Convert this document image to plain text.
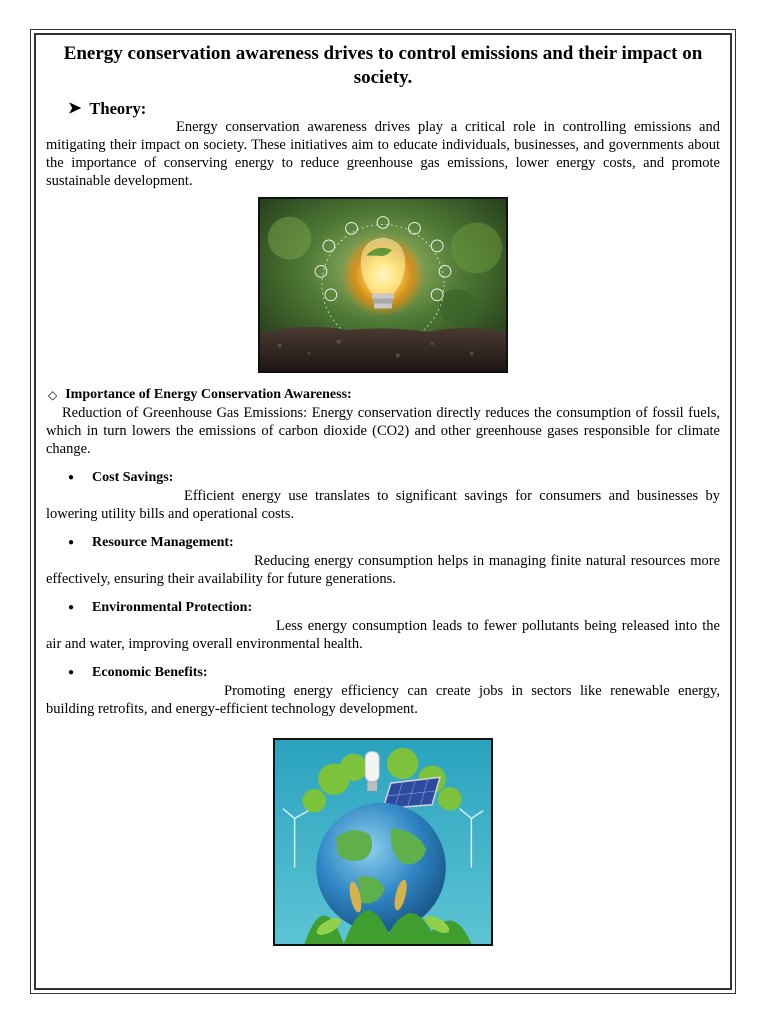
Energy conservation awareness drives to control emissions and their impact on society.
➤ Theory:

Energy conservation awareness drives play a critical role in controlling emissions and mitigating their impact on society. These initiatives aim to educate individuals, businesses, and governments about the importance of conserving energy to reduce greenhouse gas emissions, lower energy costs, and promote sustainable development.

◇ Importance of Energy Conservation Awareness:

Reduction of Greenhouse Gas Emissions: Energy conservation directly reduces the consumption of fossil fuels, which in turn lowers the emissions of carbon dioxide (CO2) and other greenhouse gases responsible for climate change.

● Cost Savings:

Efficient energy use translates to significant savings for consumers and businesses by lowering utility bills and operational costs.

● Resource Management:

Reducing energy consumption helps in managing finite natural resources more effectively, ensuring their availability for future generations.

● Environmental Protection:

Less energy consumption leads to fewer pollutants being released into the air and water, improving overall environmental health.

● Economic Benefits:

Promoting energy efficiency can create jobs in sectors like renewable energy, building retrofits, and energy-efficient technology development.
